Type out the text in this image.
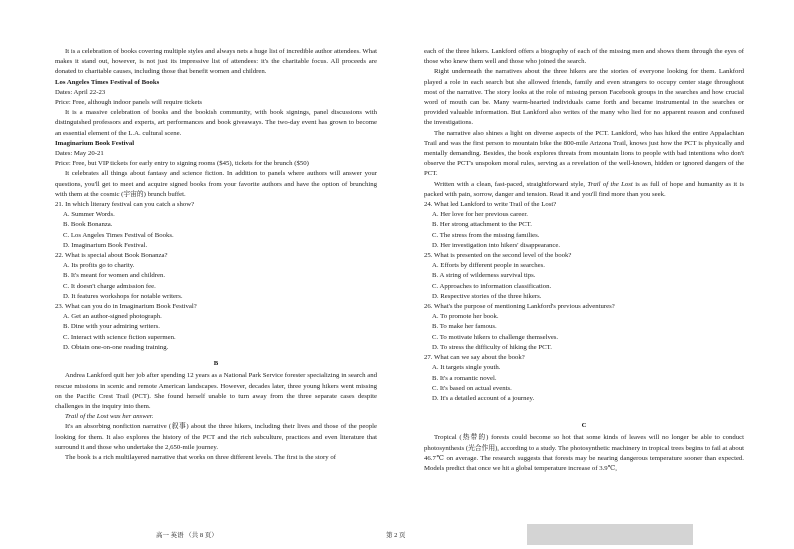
It is a celebration of books covering multiple styles and always nets a huge list of incredible author attendees. What makes it stand out, however, is not just its impressive list of attendees: it's the charitable focus. All proceeds are donated to charitable causes, including those that benefit women and children.

Los Angeles Times Festival of Books

Dates: April 22-23

Price: Free, although indoor panels will require tickets

It is a massive celebration of books and the bookish community, with book signings, panel discussions with distinguished professors and experts, art performances and book giveaways. The two-day event has grown to become an essential element of the L.A. cultural scene.

Imaginarium Book Festival

Dates: May 20-21

Price: Free, but VIP tickets for early entry to signing rooms ($45), tickets for the brunch ($50)

It celebrates all things about fantasy and science fiction. In addition to panels where authors will answer your questions, you'll get to meet and acquire signed books from your favorite authors and have the option of brunching with them at the cosmic (宇宙的) brunch buffet.

21. In which literary festival can you catch a show?

A. Summer Words.

B. Book Bonanza.

C. Los Angeles Times Festival of Books.

D. Imaginarium Book Festival.

22. What is special about Book Bonanza?

A. Its profits go to charity.

B. It's meant for women and children.

C. It doesn't charge admission fee.

D. It features workshops for notable writers.

23. What can you do in Imaginarium Book Festival?

A. Get an author-signed photograph.

B. Dine with your admiring writers.

C. Interact with science fiction supermen.

D. Obtain one-on-one reading training.

B

Andrea Lankford quit her job after spending 12 years as a National Park Service forester specializing in search and rescue missions in scenic and remote American landscapes. However, decades later, three young hikers went missing on the Pacific Crest Trail (PCT). She found herself unable to turn away from the three separate cases despite challenges in the inquiry into them.

Trail of the Lost was her answer.

It's an absorbing nonfiction narrative (叙事) about the three hikers, including their lives and those of the people looking for them. It also explores the history of the PCT and the rich subculture, practices and even literature that surround it and those who undertake the 2,650-mile journey.

The book is a rich multilayered narrative that works on three different levels. The first is the story of

each of the three hikers. Lankford offers a biography of each of the missing men and shows them through the eyes of those who knew them well and those who joined the search.

Right underneath the narratives about the three hikers are the stories of everyone looking for them. Lankford played a role in each search but she allowed friends, family and even strangers to occupy center stage throughout most of the narrative. The story looks at the role of missing person Facebook groups in the searches and how crucial word of mouth can be. Many warm-hearted individuals came forth and became instrumental in the searches or provided valuable information. But Lankford also writes of the many who lied for no apparent reason and confused the investigations.

The narrative also shines a light on diverse aspects of the PCT. Lankford, who has hiked the entire Appalachian Trail and was the first person to mountain bike the 800-mile Arizona Trail, knows just how the PCT is physically and mentally demanding. Besides, the book explores threats from mountain lions to people with bad intentions who don't observe the PCT's unspoken moral rules, serving as a revelation of the well-known, hidden or ignored dangers of the PCT.

Written with a clean, fast-paced, straightforward style, Trail of the Lost is as full of hope and humanity as it is packed with pain, sorrow, danger and tension. Read it and you'll find more than you seek.

24. What led Lankford to write Trail of the Lost?

A. Her love for her previous career.

B. Her strong attachment to the PCT.

C. The stress from the missing families.

D. Her investigation into hikers' disappearance.

25. What is presented on the second level of the book?

A. Efforts by different people in searches.

B. A string of wilderness survival tips.

C. Approaches to information classification.

D. Respective stories of the three hikers.

26. What's the purpose of mentioning Lankford's previous adventures?

A. To promote her book.

B. To make her famous.

C. To motivate hikers to challenge themselves.

D. To stress the difficulty of hiking the PCT.

27. What can we say about the book?

A. It targets single youth.

B. It's a romantic novel.

C. It's based on actual events.

D. It's a detailed account of a journey.

C

Tropical (热带的) forests could become so hot that some kinds of leaves will no longer be able to conduct photosynthesis (光合作用), according to a study. The photosynthetic machinery in tropical trees begins to fail at about 46.7℃ on average. The research suggests that forests may be nearing dangerous temperature sooner than expected. Models predict that once we hit a global temperature increase of 3.9℃,

高一 英语 （共 8 页）	第 2 页
